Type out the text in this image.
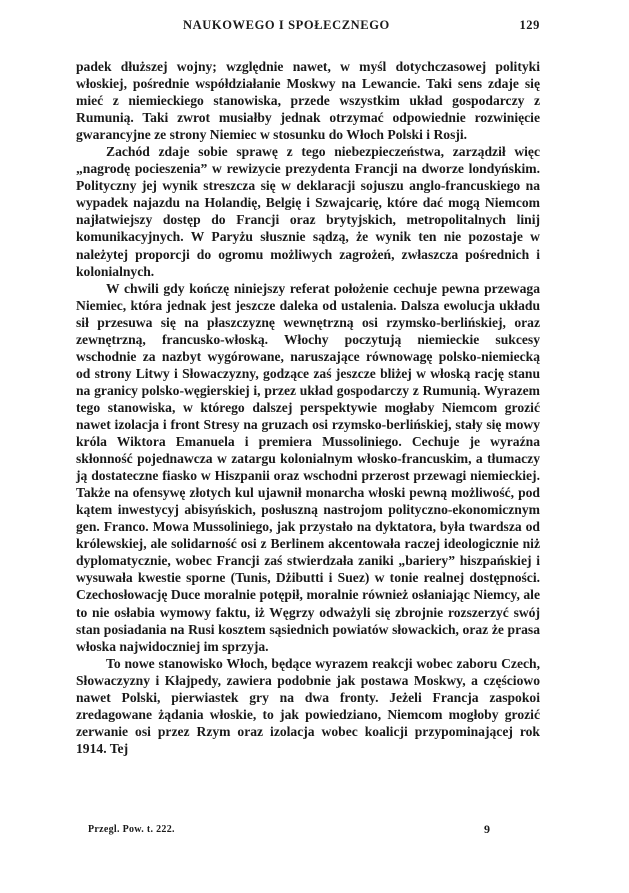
NAUKOWEGO I SPOŁECZNEGO	129

padek dłuższej wojny; względnie nawet, w myśl dotychczasowej polityki włoskiej, pośrednie współdziałanie Moskwy na Lewancie. Taki sens zdaje się mieć z niemieckiego stanowiska, przede wszystkim układ gospodarczy z Rumunią. Taki zwrot musiałby jednak otrzymać odpowiednie rozwinięcie gwarancyjne ze strony Niemiec w stosunku do Włoch Polski i Rosji.

Zachód zdaje sobie sprawę z tego niebezpieczeństwa, zarządził więc „nagrodę pocieszenia” w rewizycie prezydenta Francji na dworze londyńskim. Polityczny jej wynik streszcza się w deklaracji sojuszu anglo-francuskiego na wypadek najazdu na Holandię, Belgię i Szwajcarię, które dać mogą Niemcom najłatwiejszy dostęp do Francji oraz brytyjskich, metropolitalnych linij komunikacyjnych. W Paryżu słusznie sądzą, że wynik ten nie pozostaje w należytej proporcji do ogromu możliwych zagrożeń, zwłaszcza pośrednich i kolonialnych.

W chwili gdy kończę niniejszy referat położenie cechuje pewna przewaga Niemiec, która jednak jest jeszcze daleka od ustalenia. Dalsza ewolucja układu sił przesuwa się na płaszczyznę wewnętrzną osi rzymsko-berlińskiej, oraz zewnętrzną, francusko-włoską. Włochy poczytują niemieckie sukcesy wschodnie za nazbyt wygórowane, naruszające równowagę polsko-niemiecką od strony Litwy i Słowaczyzny, godzące zaś jeszcze bliżej w włoską rację stanu na granicy polsko-węgierskiej i, przez układ gospodarczy z Rumunią. Wyrazem tego stanowiska, w którego dalszej perspektywie mogłaby Niemcom grozić nawet izolacja i front Stresy na gruzach osi rzymsko-berlińskiej, stały się mowy króla Wiktora Emanuela i premiera Mussoliniego. Cechuje je wyraźna skłonność pojednawcza w zatargu kolonialnym włosko-francuskim, a tłumaczy ją dostateczne fiasko w Hiszpanii oraz wschodni przerost przewagi niemieckiej. Także na ofensywę złotych kul ujawnił monarcha włoski pewną możliwość, pod kątem inwestycyj abisyńskich, posłuszną nastrojom polityczno-ekonomicznym gen. Franco. Mowa Mussoliniego, jak przystało na dyktatora, była twardsza od królewskiej, ale solidarność osi z Berlinem akcentowała raczej ideologicznie niż dyplomatycznie, wobec Francji zaś stwierdzała zaniki „bariery” hiszpańskiej i wysuwała kwestie sporne (Tunis, Dżibutti i Suez) w tonie realnej dostępności. Czechosłowację Duce moralnie potępił, moralnie również osłaniając Niemcy, ale to nie osłabia wymowy faktu, iż Węgrzy odważyli się zbrojnie rozszerzyć swój stan posiadania na Rusi kosztem sąsiednich powiatów słowackich, oraz że prasa włoska najwidoczniej im sprzyja.

To nowe stanowisko Włoch, będące wyrazem reakcji wobec zaboru Czech, Słowaczyzny i Kłajpedy, zawiera podobnie jak postawa Moskwy, a częściowo nawet Polski, pierwiastek gry na dwa fronty. Jeżeli Francja zaspokoi zredagowane żądania włoskie, to jak powiedziano, Niemcom mogłoby grozić zerwanie osi przez Rzym oraz izolacja wobec koalicji przypominającej rok 1914. Tej

Przegl. Pow. t. 222.	9
